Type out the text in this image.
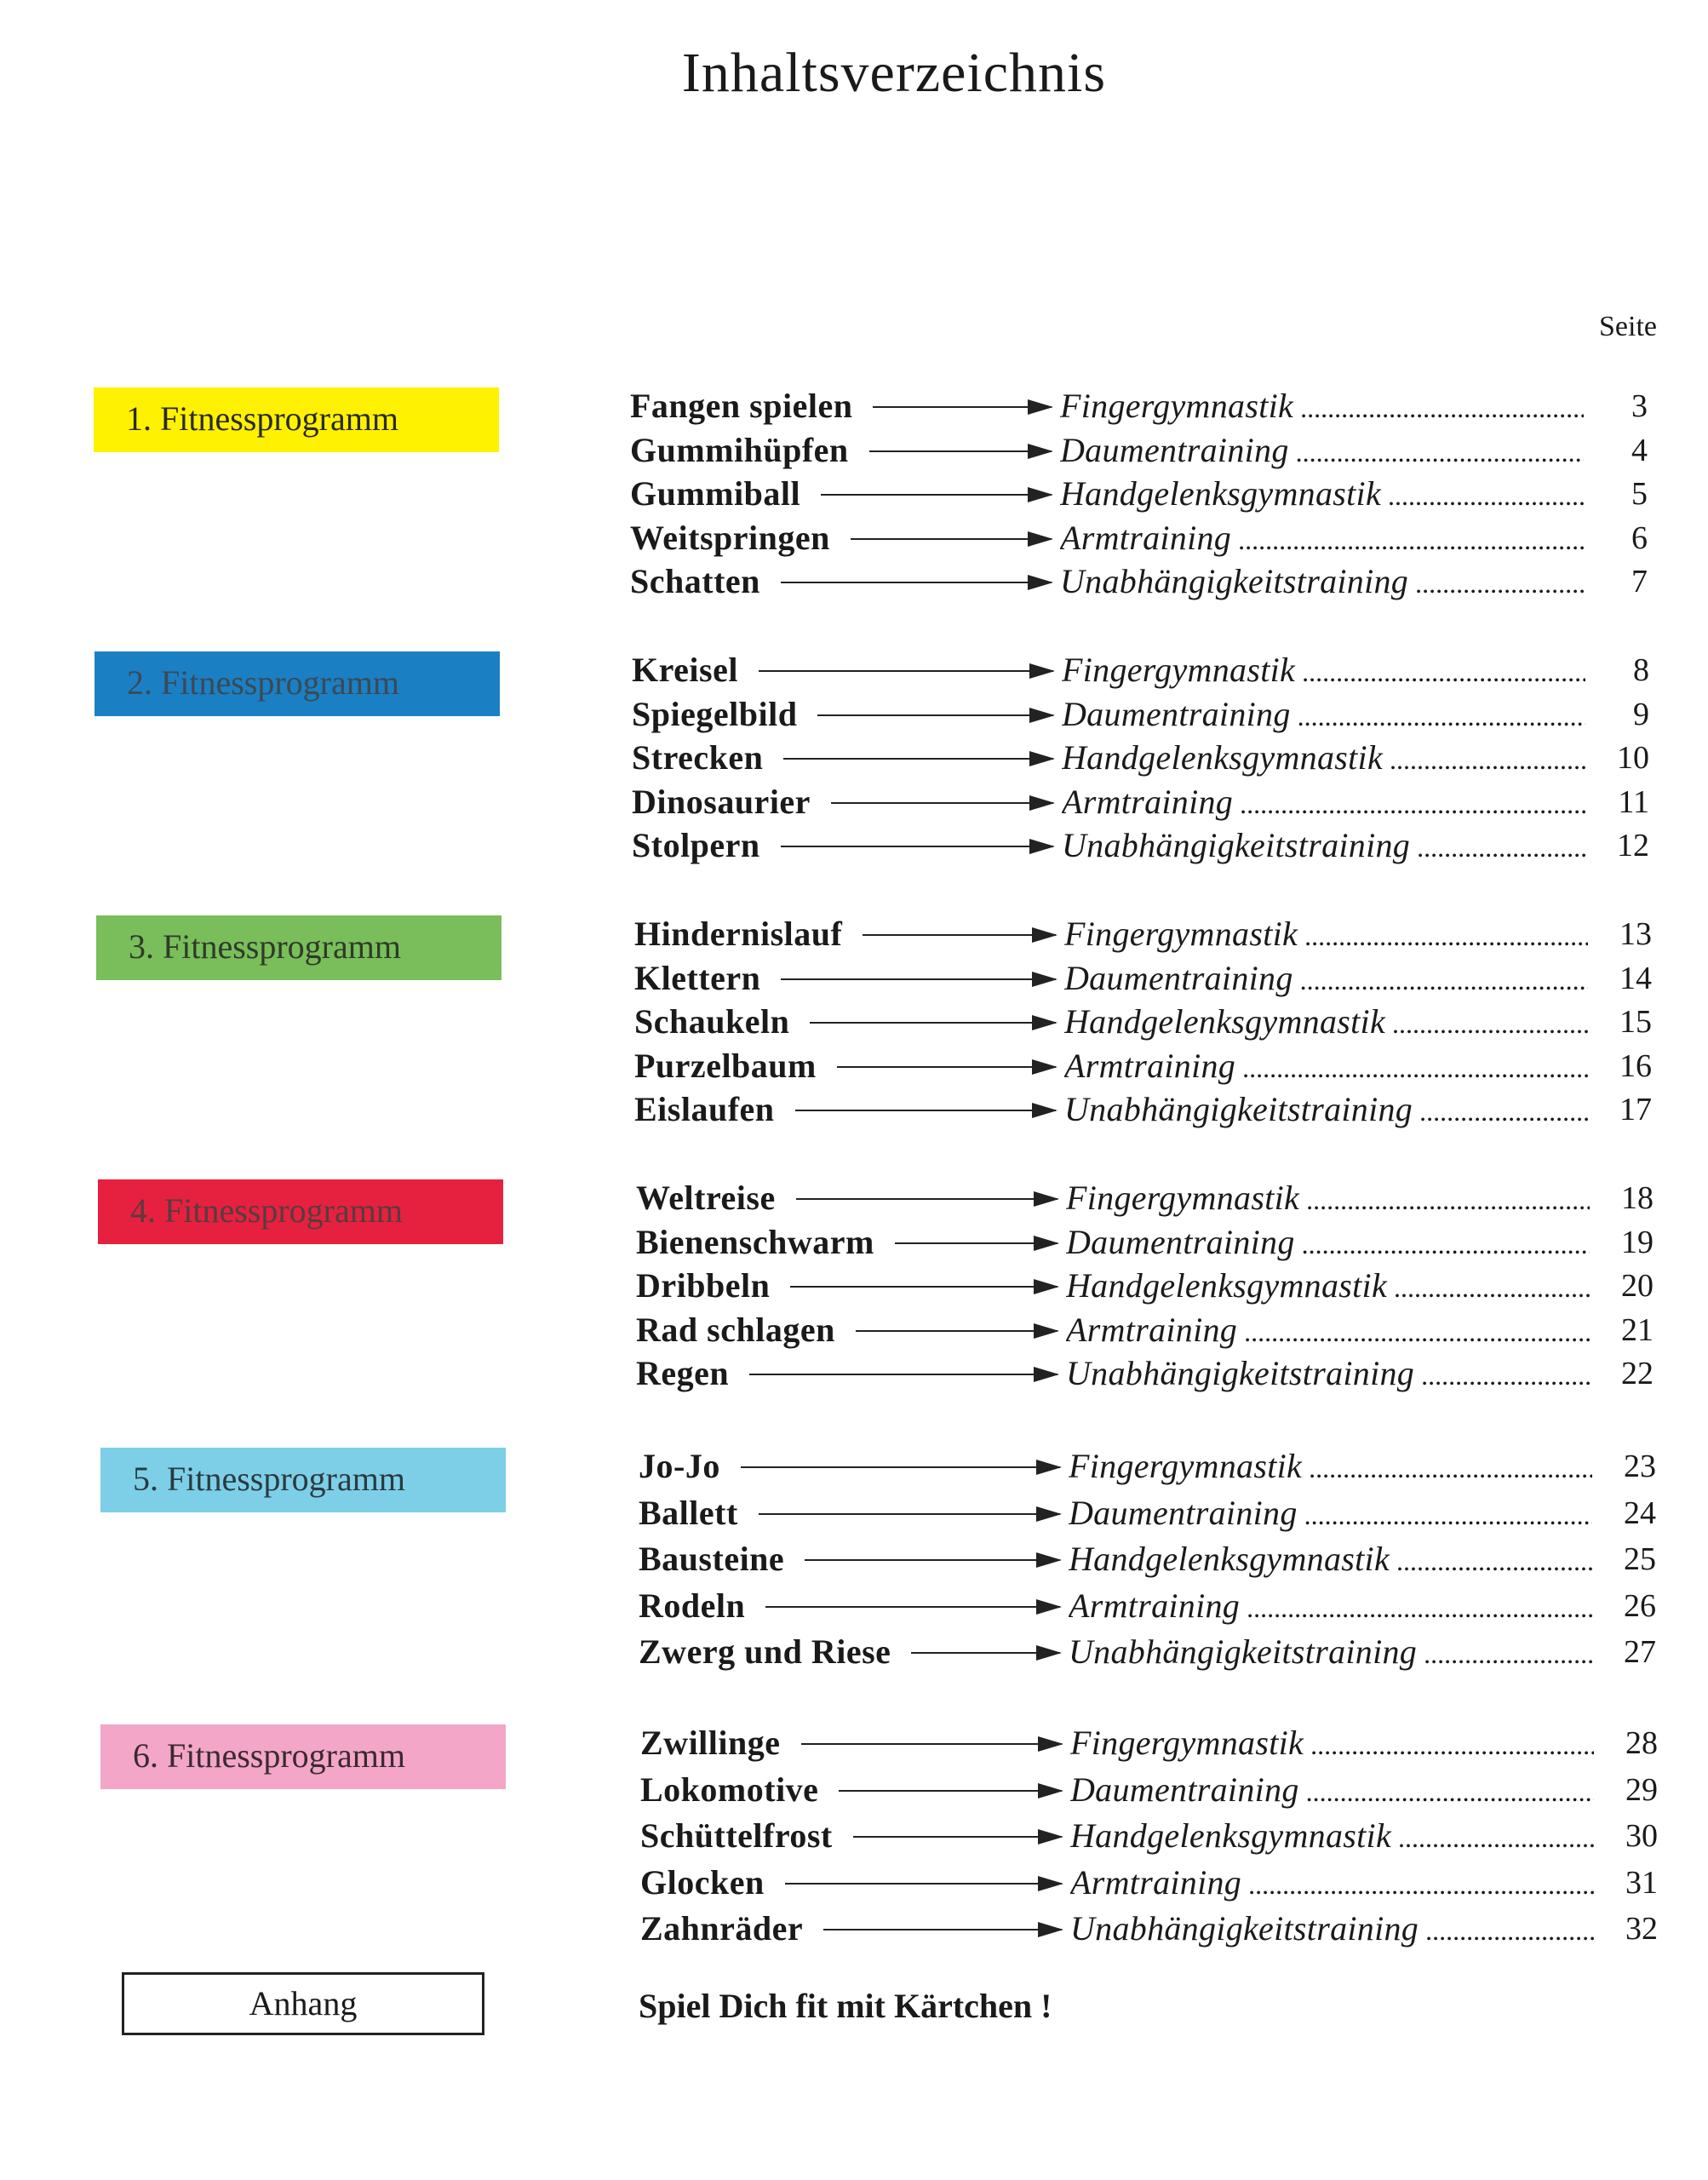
Inhaltsverzeichnis
Seite
1. Fitnessprogramm	Fangen spielen	Fingergymnastik .....	3
Gummihüpfen	Daumentraining .....	4
Gummiball	Handgelenksgymnastik .....	5
Weitspringen	Armtraining .....	6
Schatten	Unabhängigkeitstraining .....	7
2. Fitnessprogramm	Kreisel	Fingergymnastik .....	8
Spiegelbild	Daumentraining .....	9
Strecken	Handgelenksgymnastik .....	10
Dinosaurier	Armtraining .....	11
Stolpern	Unabhängigkeitstraining .....	12
3. Fitnessprogramm	Hindernislauf	Fingergymnastik .....	13
Klettern	Daumentraining .....	14
Schaukeln	Handgelenksgymnastik .....	15
Purzelbaum	Armtraining .....	16
Eislaufen	Unabhängigkeitstraining .....	17
4. Fitnessprogramm	Weltreise	Fingergymnastik .....	18
Bienenschwarm	Daumentraining .....	19
Dribbeln	Handgelenksgymnastik .....	20
Rad schlagen	Armtraining .....	21
Regen	Unabhängigkeitstraining .....	22
5. Fitnessprogramm	Jo-Jo	Fingergymnastik .....	23
Ballett	Daumentraining .....	24
Bausteine	Handgelenksgymnastik .....	25
Rodeln	Armtraining .....	26
Zwerg und Riese	Unabhängigkeitstraining .....	27
6. Fitnessprogramm	Zwillinge	Fingergymnastik .....	28
Lokomotive	Daumentraining .....	29
Schüttelfrost	Handgelenksgymnastik .....	30
Glocken	Armtraining .....	31
Zahnräder	Unabhängigkeitstraining .....	32
Anhang	Spiel Dich fit mit Kärtchen !
